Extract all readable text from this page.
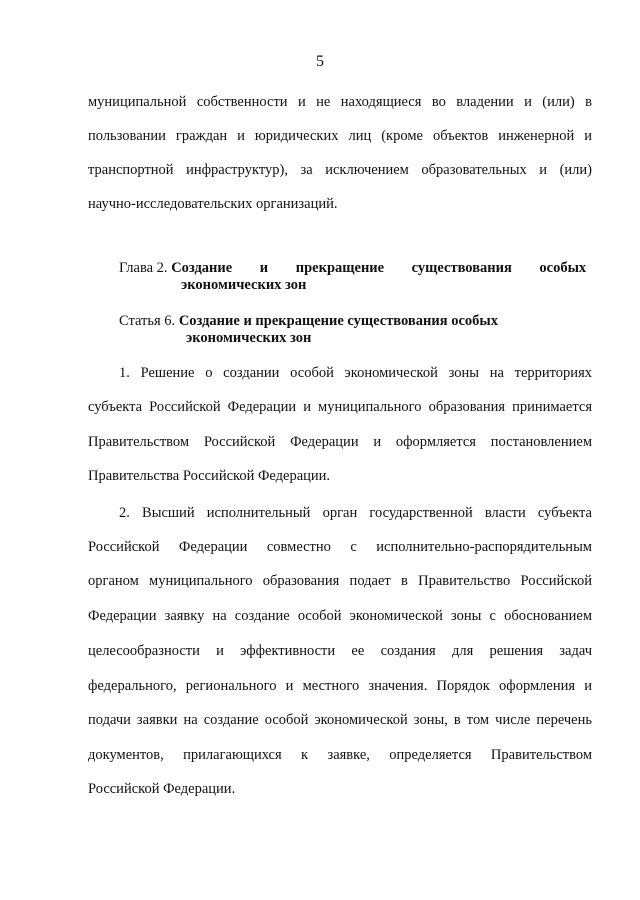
5
муниципальной собственности и не находящиеся во владении и (или) в
пользовании граждан и юридических лиц (кроме объектов инженерной и
транспортной инфраструктур), за исключением образовательных и (или)
научно-исследовательских организаций.
Глава 2. Создание и прекращение существования особых
экономических зон
Статья 6. Создание и прекращение существования особых
экономических зон
1. Решение о создании особой экономической зоны на территориях
субъекта Российской Федерации и муниципального образования принимается
Правительством Российской Федерации и оформляется постановлением
Правительства Российской Федерации.
2. Высший исполнительный орган государственной власти субъекта
Российской Федерации совместно с исполнительно-распорядительным
органом муниципального образования подает в Правительство Российской
Федерации заявку на создание особой экономической зоны с обоснованием
целесообразности и эффективности ее создания для решения задач
федерального, регионального и местного значения. Порядок оформления и
подачи заявки на создание особой экономической зоны, в том числе перечень
документов, прилагающихся к заявке, определяется Правительством
Российской Федерации.
